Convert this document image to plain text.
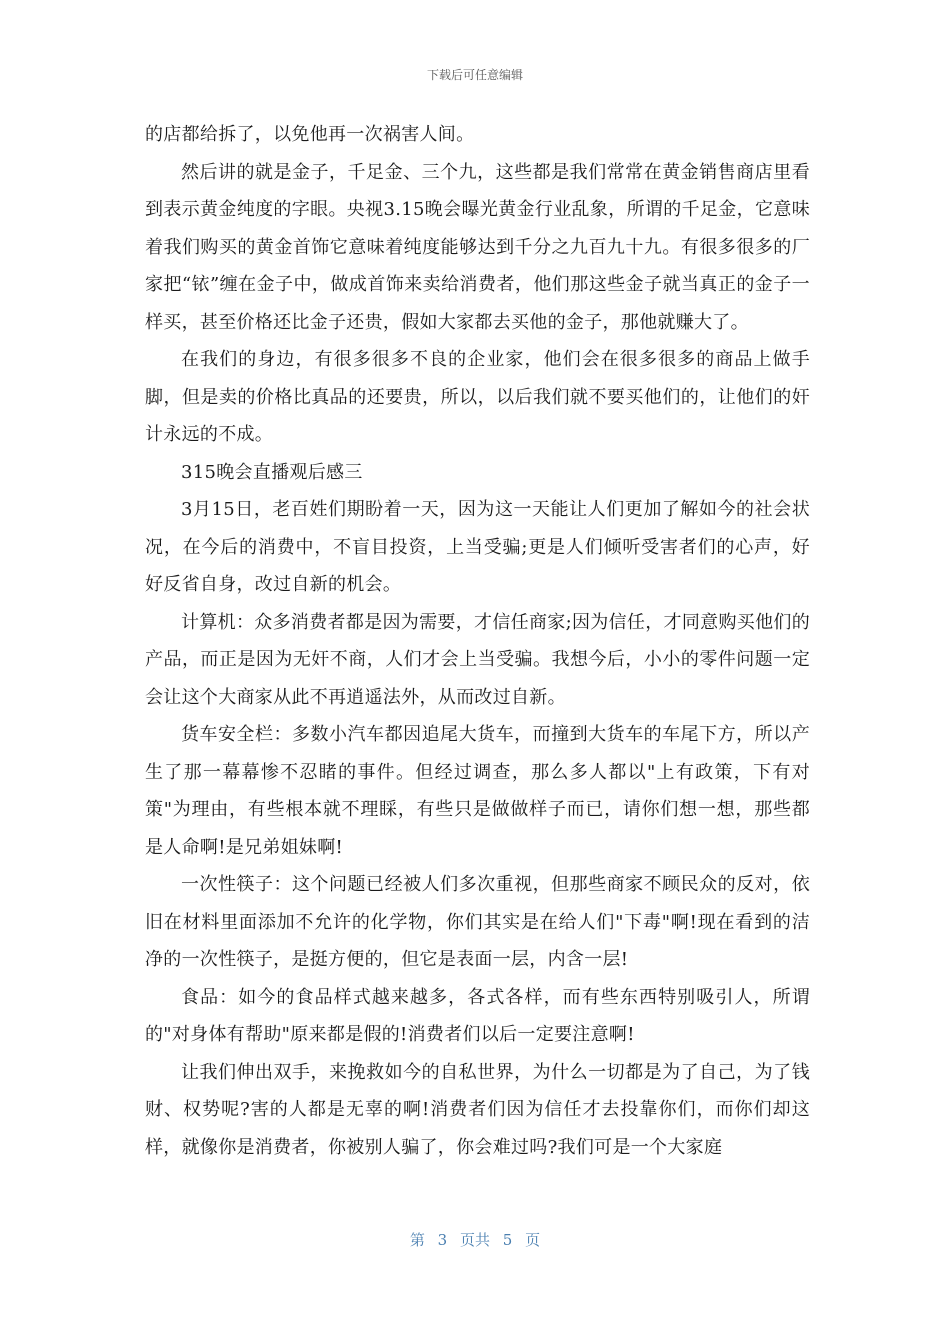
下载后可任意编辑

的店都给拆了，以免他再一次祸害人间。

然后讲的就是金子，千足金、三个九，这些都是我们常常在黄金销售商店里看到表示黄金纯度的字眼。央视3.15晚会曝光黄金行业乱象，所谓的千足金，它意味着我们购买的黄金首饰它意味着纯度能够达到千分之九百九十九。有很多很多的厂家把“铱”缠在金子中，做成首饰来卖给消费者，他们那这些金子就当真正的金子一样买，甚至价格还比金子还贵，假如大家都去买他的金子，那他就赚大了。

在我们的身边，有很多很多不良的企业家，他们会在很多很多的商品上做手脚，但是卖的价格比真品的还要贵，所以，以后我们就不要买他们的，让他们的奸计永远的不成。

315晚会直播观后感三

3月15日，老百姓们期盼着一天，因为这一天能让人们更加了解如今的社会状况，在今后的消费中，不盲目投资，上当受骗;更是人们倾听受害者们的心声，好好反省自身，改过自新的机会。

计算机：众多消费者都是因为需要，才信任商家;因为信任，才同意购买他们的产品，而正是因为无奸不商，人们才会上当受骗。我想今后，小小的零件问题一定会让这个大商家从此不再逍遥法外，从而改过自新。

货车安全栏：多数小汽车都因追尾大货车，而撞到大货车的车尾下方，所以产生了那一幕幕惨不忍睹的事件。但经过调查，那么多人都以"上有政策，下有对策"为理由，有些根本就不理睬，有些只是做做样子而已，请你们想一想，那些都是人命啊!是兄弟姐妹啊!

一次性筷子：这个问题已经被人们多次重视，但那些商家不顾民众的反对，依旧在材料里面添加不允许的化学物，你们其实是在给人们"下毒"啊!现在看到的洁净的一次性筷子，是挺方便的，但它是表面一层，内含一层!

食品：如今的食品样式越来越多，各式各样，而有些东西特别吸引人，所谓的"对身体有帮助"原来都是假的!消费者们以后一定要注意啊!

让我们伸出双手，来挽救如今的自私世界，为什么一切都是为了自己，为了钱财、权势呢?害的人都是无辜的啊!消费者们因为信任才去投靠你们，而你们却这样，就像你是消费者，你被别人骗了，你会难过吗?我们可是一个大家庭

第 3 页共 5 页
